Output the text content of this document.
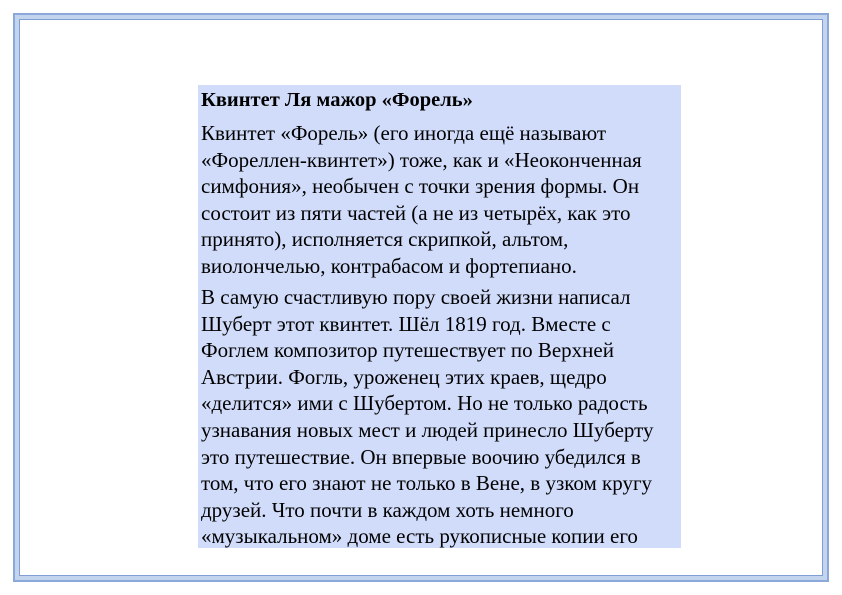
Квинтет Ля мажор «Форель»
Квинтет «Форель» (его иногда ещё называют
«Фореллен-квинтет») тоже, как и «Неоконченная
симфония», необычен с точки зрения формы. Он
состоит из пяти частей (а не из четырёх, как это
принято), исполняется скрипкой, альтом,
виолончелью, контрабасом и фортепиано.
В самую счастливую пору своей жизни написал
Шуберт этот квинтет. Шёл 1819 год. Вместе с
Фоглем композитор путешествует по Верхней
Австрии. Фогль, уроженец этих краев, щедро
«делится» ими с Шубертом. Но не только радость
узнавания новых мест и людей принесло Шуберту
это путешествие. Он впервые воочию убедился в
том, что его знают не только в Вене, в узком кругу
друзей. Что почти в каждом хоть немного
«музыкальном» доме есть рукописные копии его
